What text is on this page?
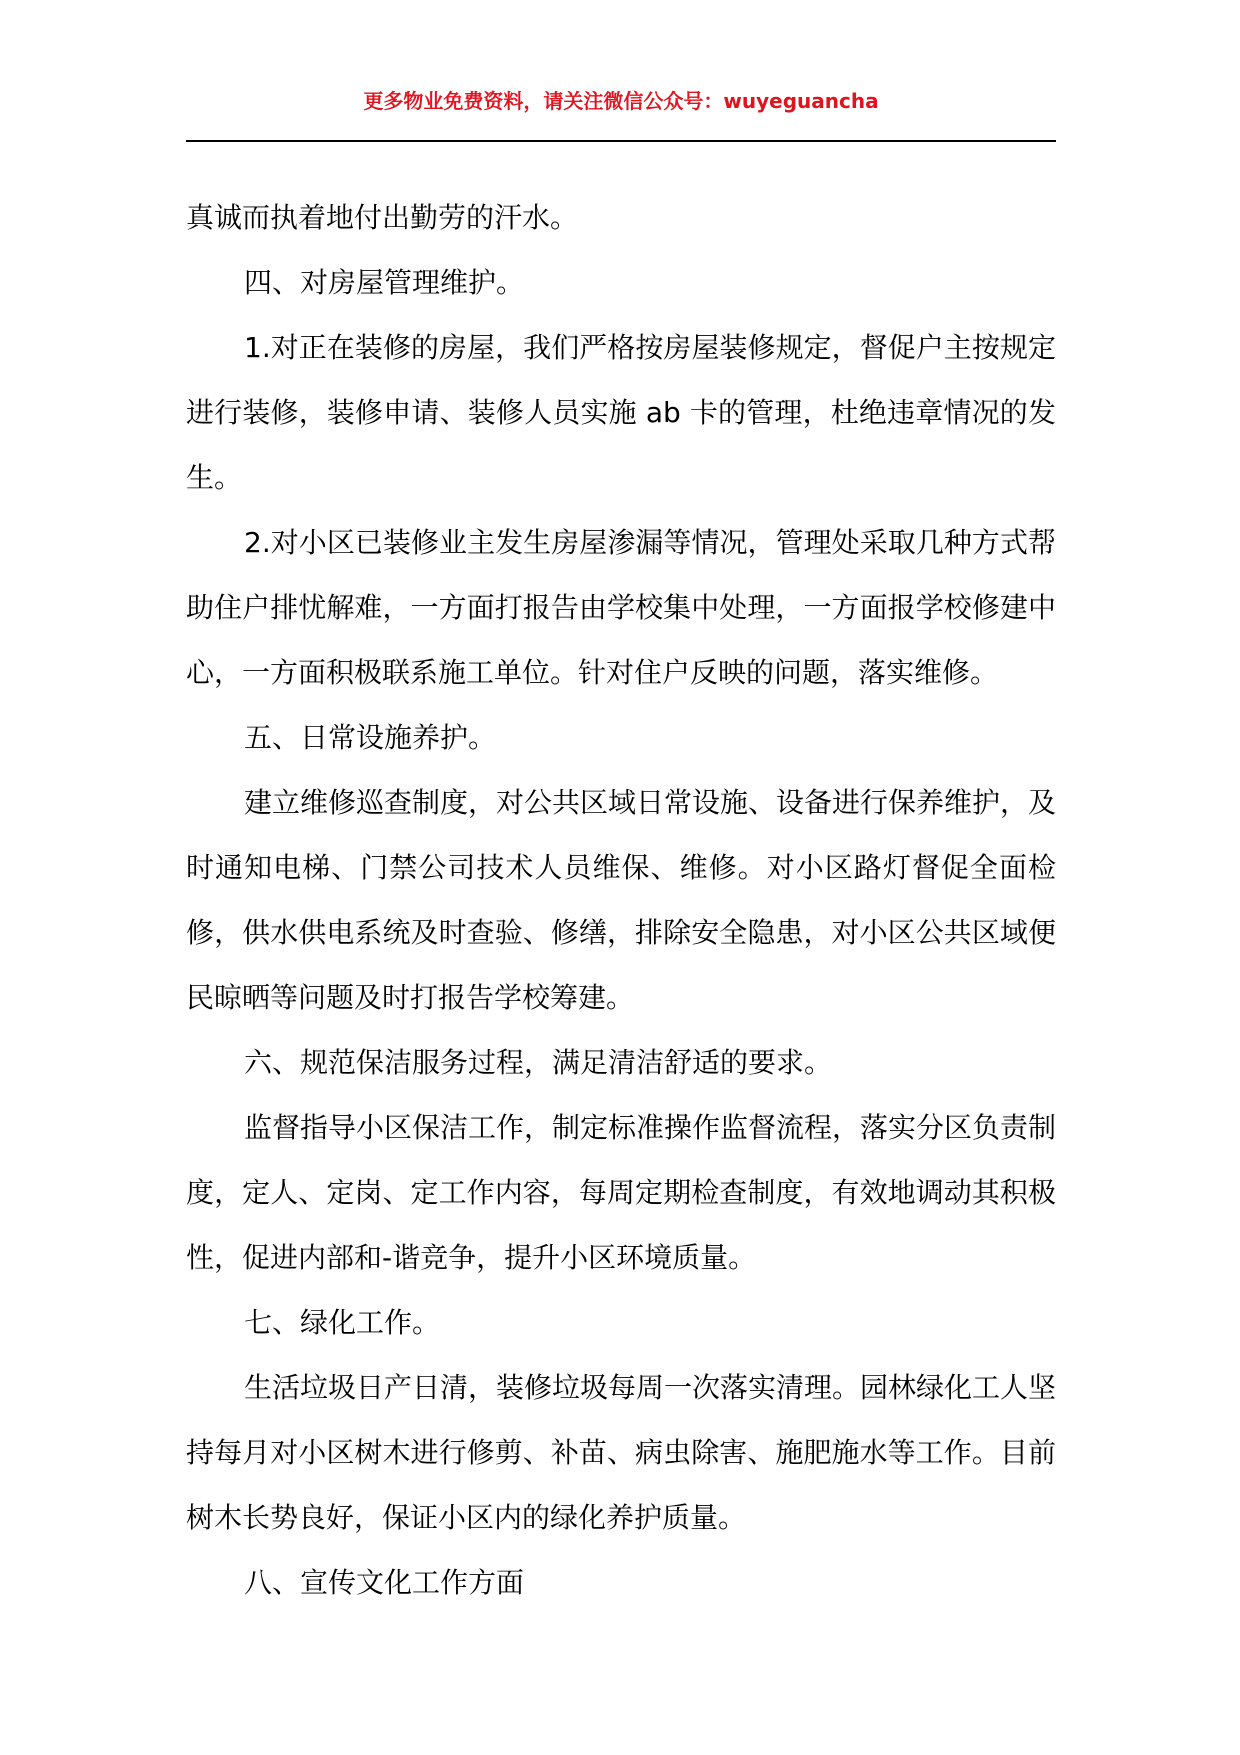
更多物业免费资料，请关注微信公众号：wuyeguancha

真诚而执着地付出勤劳的汗水。

四、对房屋管理维护。

1.对正在装修的房屋，我们严格按房屋装修规定，督促户主按规定进行装修，装修申请、装修人员实施 ab 卡的管理，杜绝违章情况的发生。

2.对小区已装修业主发生房屋渗漏等情况，管理处采取几种方式帮助住户排忧解难，一方面打报告由学校集中处理，一方面报学校修建中心，一方面积极联系施工单位。针对住户反映的问题，落实维修。

五、日常设施养护。

建立维修巡查制度，对公共区域日常设施、设备进行保养维护，及时通知电梯、门禁公司技术人员维保、维修。对小区路灯督促全面检修，供水供电系统及时查验、修缮，排除安全隐患，对小区公共区域便民晾晒等问题及时打报告学校筹建。

六、规范保洁服务过程，满足清洁舒适的要求。

监督指导小区保洁工作，制定标准操作监督流程，落实分区负责制度，定人、定岗、定工作内容，每周定期检查制度，有效地调动其积极性，促进内部和-谐竞争，提升小区环境质量。

七、绿化工作。

生活垃圾日产日清，装修垃圾每周一次落实清理。园林绿化工人坚持每月对小区树木进行修剪、补苗、病虫除害、施肥施水等工作。目前树木长势良好，保证小区内的绿化养护质量。

八、宣传文化工作方面
